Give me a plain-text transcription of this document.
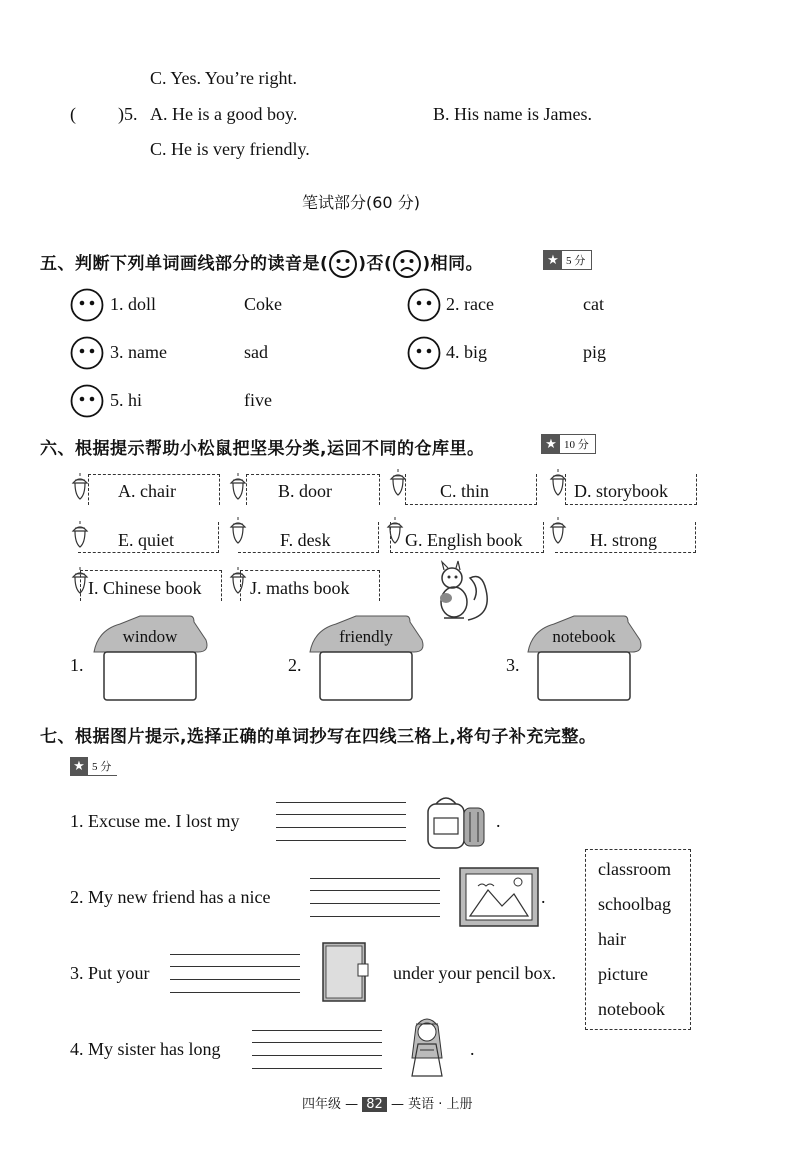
C. Yes. You’re right.
( )5. A. He is a good boy.	B. His name is James.
C. He is very friendly.
笔试部分(60 分)
五、判断下列单词画线部分的读音是( )否( )相同。	★ 5 分
1. doll	Coke	2. race	cat
3. name	sad	4. big	pig
5. hi	five
六、根据提示帮助小松鼠把坚果分类,运回不同的仓库里。	★ 10 分
A. chair	B. door	C. thin	D. storybook
E. quiet	F. desk	G. English book	H. strong
I. Chinese book	J. maths book
1.
window
2.
friendly
3.
notebook
七、根据图片提示,选择正确的单词抄写在四线三格上,将句子补充完整。
★ 5 分
1. Excuse me. I lost my	.
2. My new friend has a nice	.
classroom
schoolbag
hair
picture
notebook
3. Put your	under your pencil box.
4. My sister has long	.
四年级 — 82 — 英语 · 上册
